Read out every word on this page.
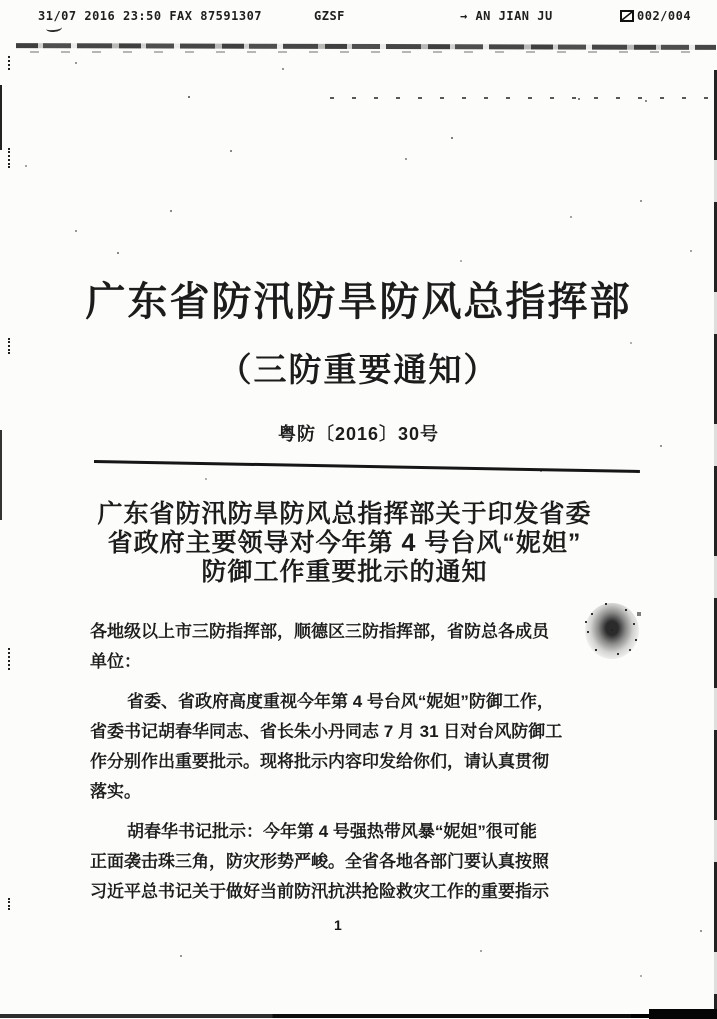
31/07 2016 23:50 FAX 87591307	GZSF	→ AN JIAN JU	002/004
广东省防汛防旱防风总指挥部
（三防重要通知）
粤防〔2016〕30号
广东省防汛防旱防风总指挥部关于印发省委
省政府主要领导对今年第 4 号台风“妮妲”
防御工作重要批示的通知
各地级以上市三防指挥部，顺德区三防指挥部，省防总各成员
单位：
省委、省政府高度重视今年第 4 号台风“妮妲”防御工作，
省委书记胡春华同志、省长朱小丹同志 7 月 31 日对台风防御工
作分别作出重要批示。现将批示内容印发给你们，请认真贯彻
落实。
胡春华书记批示：今年第 4 号强热带风暴“妮妲”很可能
正面袭击珠三角，防灾形势严峻。全省各地各部门要认真按照
习近平总书记关于做好当前防汛抗洪抢险救灾工作的重要指示
1
